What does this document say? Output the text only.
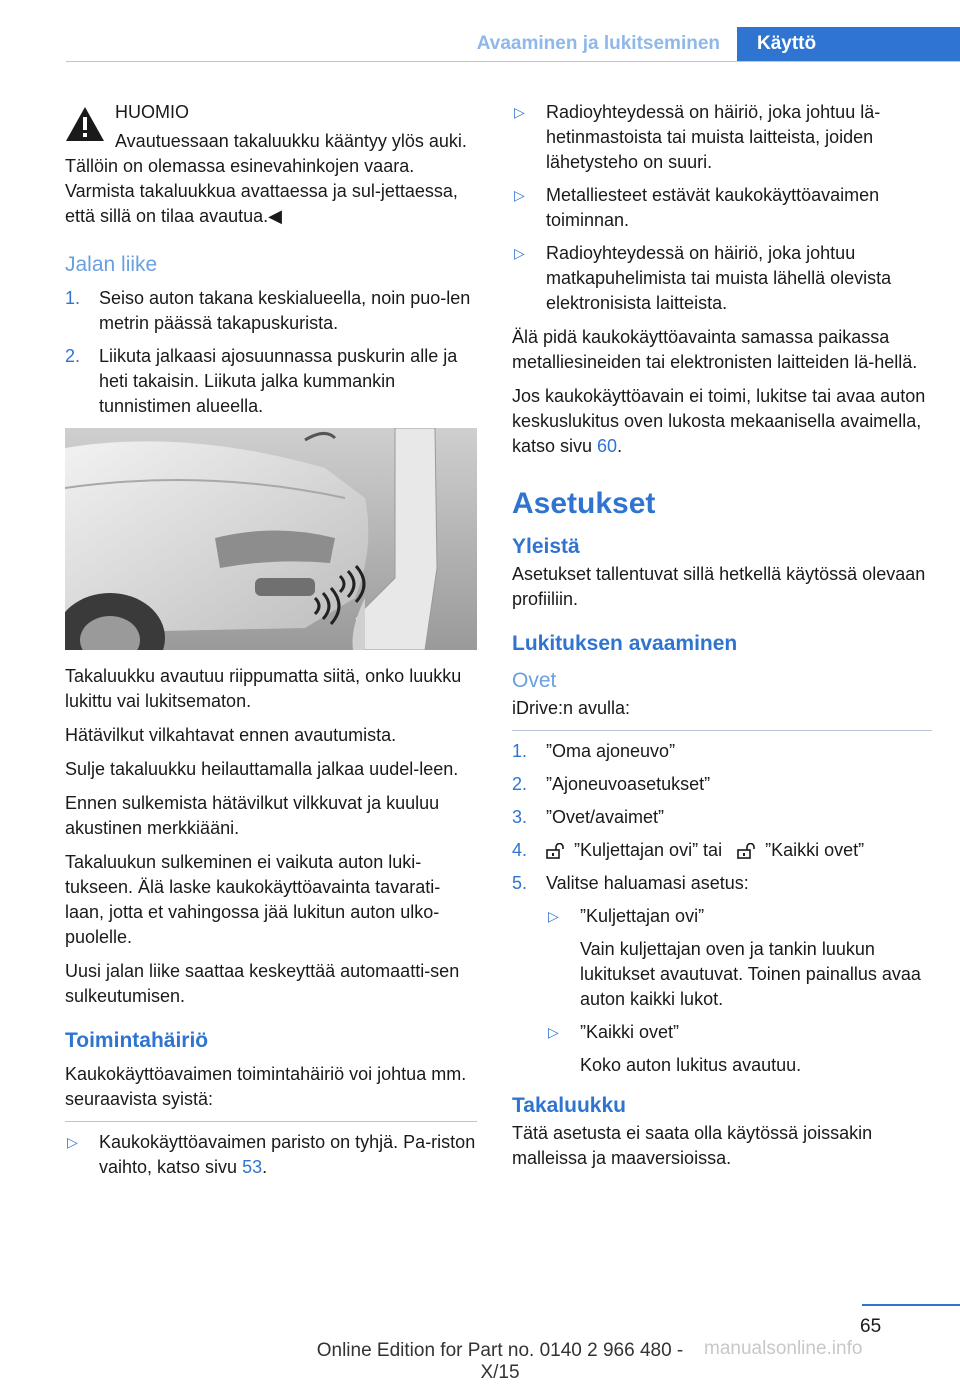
Avaaminen ja lukitseminen	Käyttö

HUOMIO

Avautuessaan takaluukku kääntyy ylös auki. Tällöin on olemassa esinevahinkojen vaara. Varmista takaluukkua avattaessa ja sul-jettaessa, että sillä on tilaa avautua.◀

Jalan liike
1. Seiso auton takana keskialueella, noin puo-len metrin päässä takapuskurista.
2. Liikuta jalkaasi ajosuunnassa puskurin alle ja heti takaisin. Liikuta jalka kummankin tunnistimen alueella.

Takaluukku avautuu riippumatta siitä, onko luukku lukittu vai lukitsematon.

Hätävilkut vilkahtavat ennen avautumista.

Sulje takaluukku heilauttamalla jalkaa uudel-leen.

Ennen sulkemista hätävilkut vilkkuvat ja kuuluu akustinen merkkiääni.

Takaluukun sulkeminen ei vaikuta auton luki-tukseen. Älä laske kaukokäyttöavainta tavarati-laan, jotta et vahingossa jää lukitun auton ulko-puolelle.

Uusi jalan liike saattaa keskeyttää automaatti-sen sulkeutumisen.

Toimintahäiriö

Kaukokäyttöavaimen toimintahäiriö voi johtua mm. seuraavista syistä:

▷ Kaukokäyttöavaimen paristo on tyhjä. Pa-riston vaihto, katso sivu 53.
▷ Radioyhteydessä on häiriö, joka johtuu lä-hetinmastoista tai muista laitteista, joiden lähetysteho on suuri.
▷ Metalliesteet estävät kaukokäyttöavaimen toiminnan.
▷ Radioyhteydessä on häiriö, joka johtuu matkapuhelimista tai muista lähellä olevista elektronisista laitteista.

Älä pidä kaukokäyttöavainta samassa paikassa metalliesineiden tai elektronisten laitteiden lä-hellä.

Jos kaukokäyttöavain ei toimi, lukitse tai avaa auton keskuslukitus oven lukosta mekaanisella avaimella, katso sivu 60.

Asetukset
Yleistä

Asetukset tallentuvat sillä hetkellä käytössä olevaan profiiliin.

Lukituksen avaaminen
Ovet

iDrive:n avulla:

1. ”Oma ajoneuvo”
2. ”Ajoneuvoasetukset”
3. ”Ovet/avaimet”
4.	”Kuljettajan ovi” tai ”Kaikki ovet”
5. Valitse haluamasi asetus:
▷ ”Kuljettajan ovi”
Vain kuljettajan oven ja tankin luukun lukitukset avautuvat. Toinen painallus avaa auton kaikki lukot.
▷ ”Kaikki ovet”
Koko auton lukitus avautuu.
Takaluukku

Tätä asetusta ei saata olla käytössä joissakin malleissa ja maaversioissa.

65
Online Edition for Part no. 0140 2 966 480 - X/15
manualsonline.info
